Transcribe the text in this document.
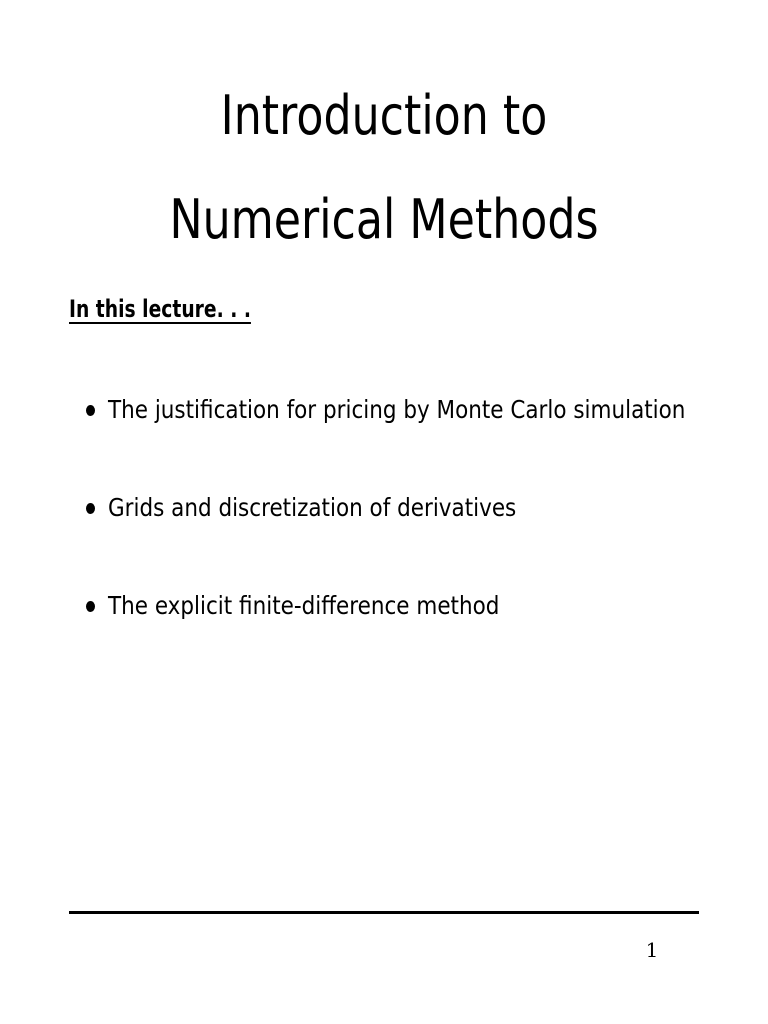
Introduction to
Numerical Methods
In this lecture. . .
The justification for pricing by Monte Carlo simulation
Grids and discretization of derivatives
The explicit finite-difference method
1
